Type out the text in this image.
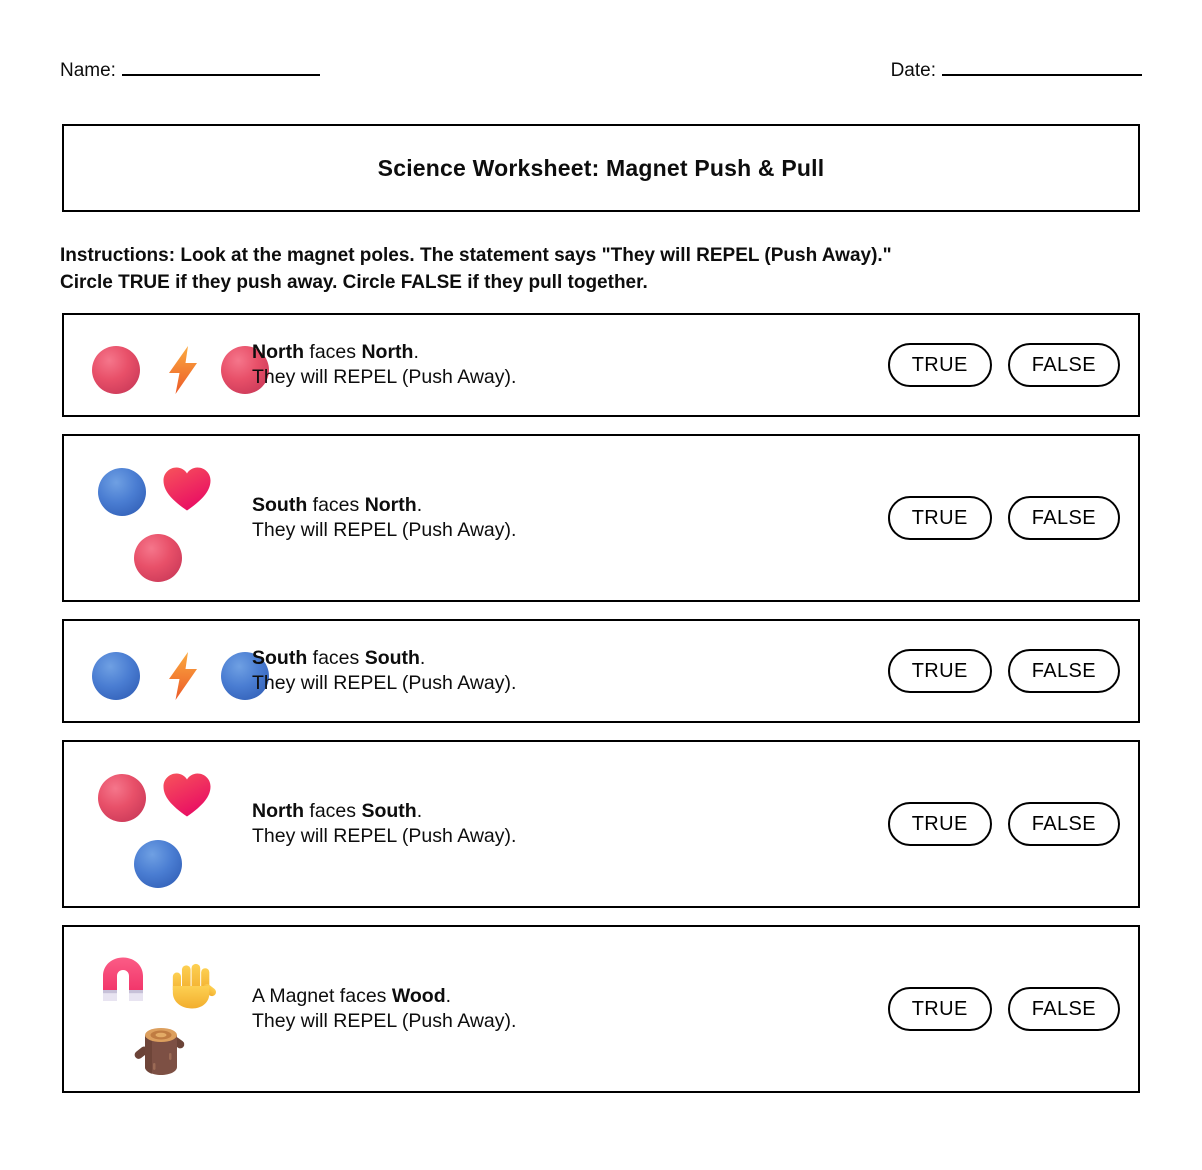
Name:	Date:
Science Worksheet: Magnet Push & Pull
Instructions: Look at the magnet poles. The statement says "They will REPEL (Push Away)."
Circle TRUE if they push away. Circle FALSE if they pull together.
North faces North.
They will REPEL (Push Away).
TRUE	FALSE
South faces North.
They will REPEL (Push Away).
TRUE	FALSE
South faces South.
They will REPEL (Push Away).
TRUE	FALSE
North faces South.
They will REPEL (Push Away).
TRUE	FALSE
A Magnet faces Wood.
They will REPEL (Push Away).
TRUE	FALSE
